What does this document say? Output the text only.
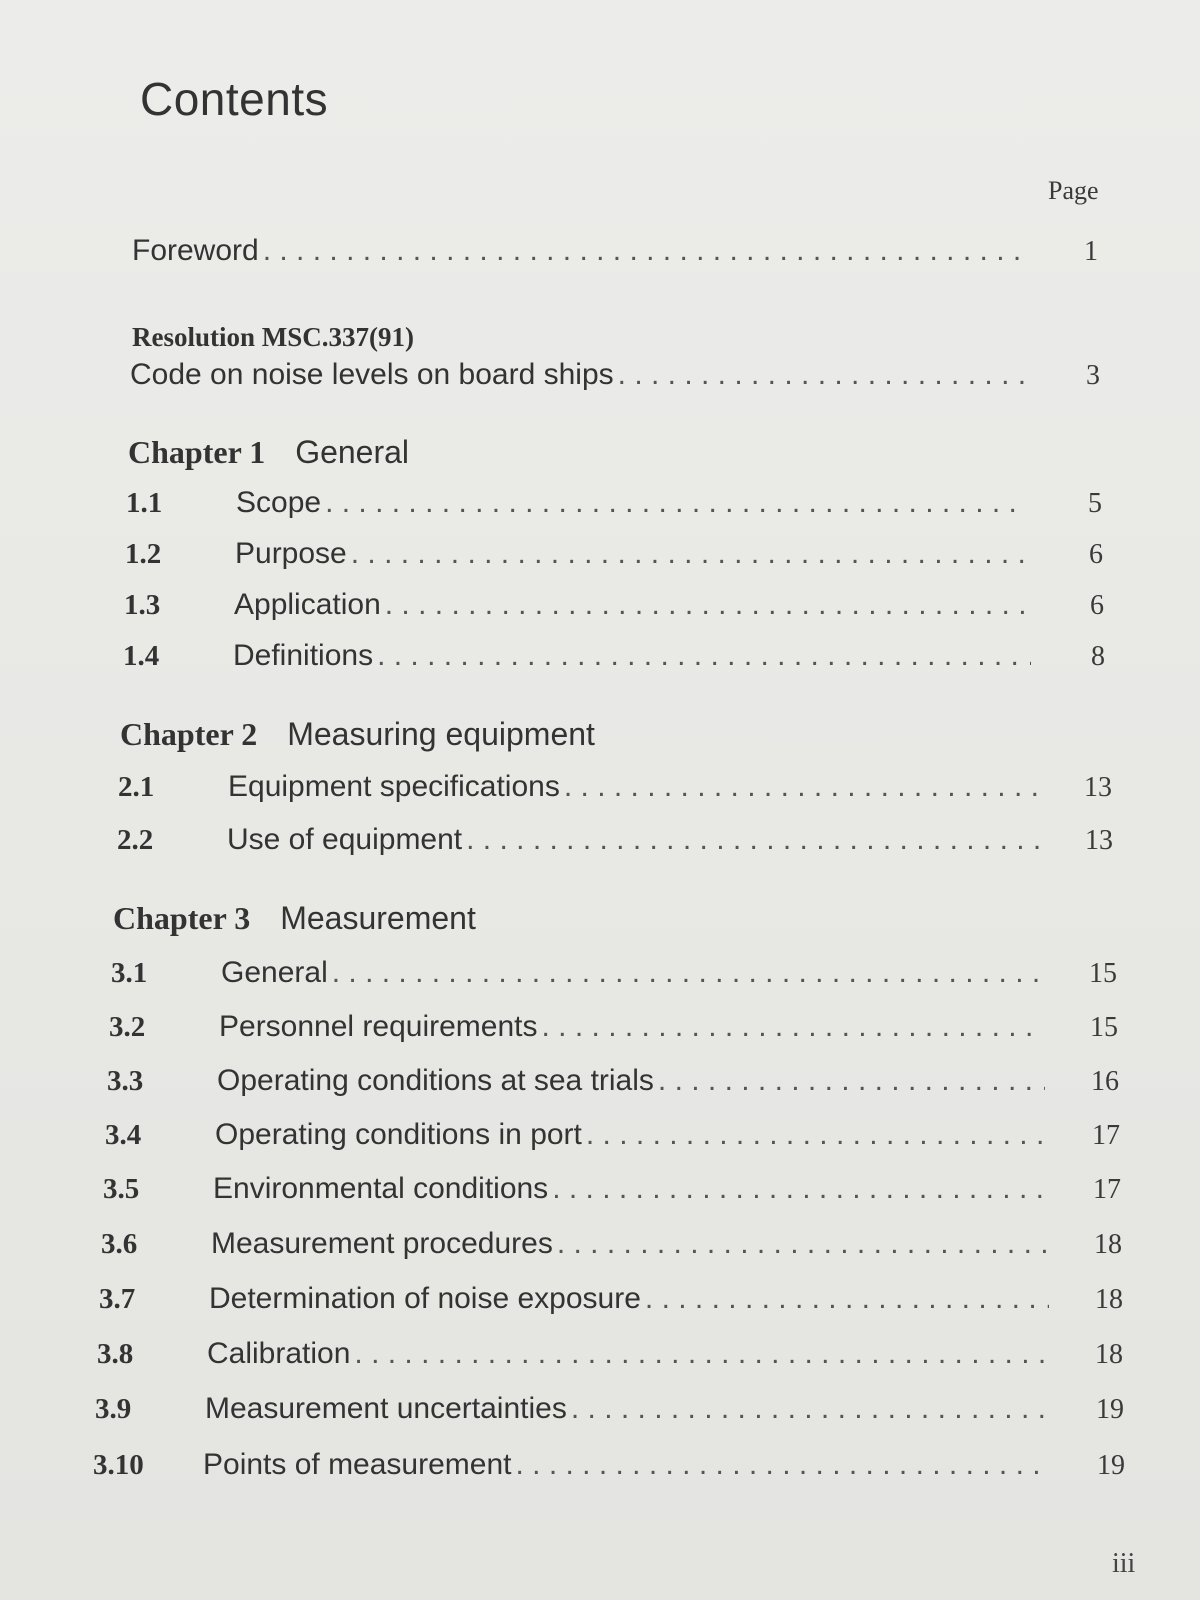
Contents
Page
Foreword . . .	1
Resolution MSC.337(91)
Code on noise levels on board ships . . .	3
Chapter 1 General
1.1	Scope . . .	5
1.2	Purpose . . .	6
1.3	Application . . .	6
1.4	Definitions . . .	8
Chapter 2 Measuring equipment
2.1	Equipment specifications . . .	13
2.2	Use of equipment . . .	13
Chapter 3 Measurement
3.1	General . . .	15
3.2	Personnel requirements . . .	15
3.3	Operating conditions at sea trials . . .	16
3.4	Operating conditions in port . . .	17
3.5	Environmental conditions . . .	17
3.6	Measurement procedures . . .	18
3.7	Determination of noise exposure . . .	18
3.8	Calibration . . .	18
3.9	Measurement uncertainties . . .	19
3.10	Points of measurement . . .	19
iii
